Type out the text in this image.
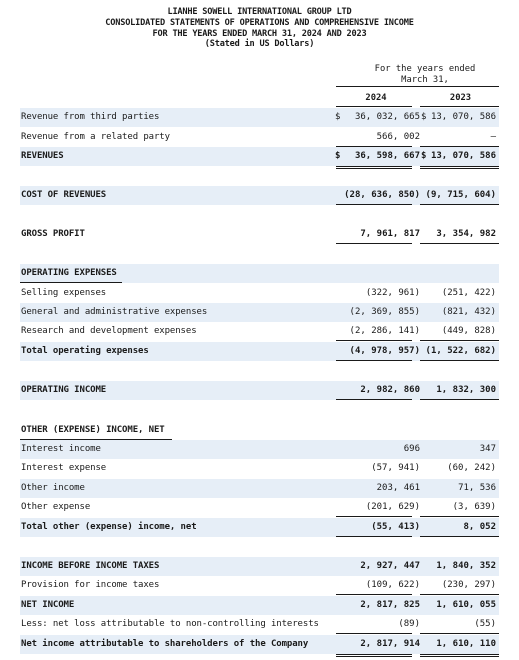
LIANHE SOWELL INTERNATIONAL GROUP LTD
CONSOLIDATED STATEMENTS OF OPERATIONS AND COMPREHENSIVE INCOME
FOR THE YEARS ENDED MARCH 31, 2024 AND 2023
(Stated in US Dollars)
For the years ended
March 31,
2024	2023
Revenue from third parties	$	36, 032, 665 $ 13, 070, 586
Revenue from a related party	566, 002	—
REVENUES	$	36, 598, 667 $ 13, 070, 586
COST OF REVENUES	(28, 636, 850) (9, 715, 604)
GROSS PROFIT	7, 961, 817	3, 354, 982
OPERATING EXPENSES
Selling expenses	(322, 961)	(251, 422)
General and administrative expenses	(2, 369, 855)	(821, 432)
Research and development expenses	(2, 286, 141)	(449, 828)
Total operating expenses	(4, 978, 957) (1, 522, 682)
OPERATING INCOME	2, 982, 860	1, 832, 300
OTHER (EXPENSE) INCOME, NET
Interest income	696	347
Interest expense	(57, 941)	(60, 242)
Other income	203, 461	71, 536
Other expense	(201, 629)	(3, 639)
Total other (expense) income, net	(55, 413)	8, 052
INCOME BEFORE INCOME TAXES	2, 927, 447	1, 840, 352
Provision for income taxes	(109, 622)	(230, 297)
NET INCOME	2, 817, 825	1, 610, 055
Less: net loss attributable to non-controlling interests	(89)	(55)
Net income attributable to shareholders of the Company	2, 817, 914	1, 610, 110
